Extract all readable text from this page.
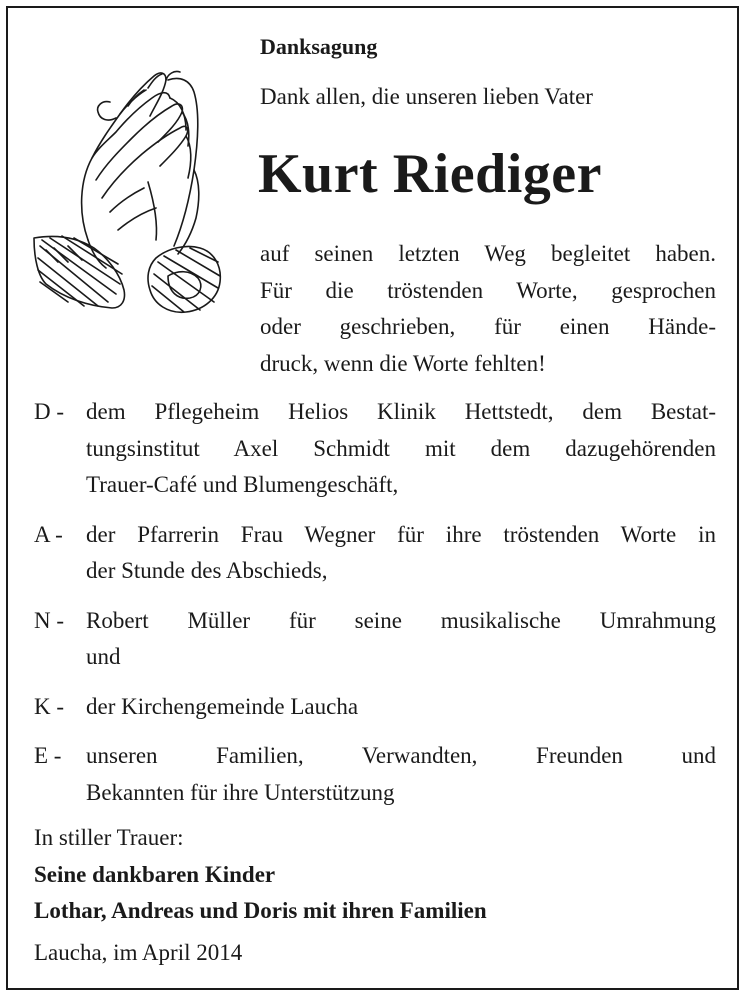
Danksagung
Dank allen, die unseren lieben Vater
Kurt Riediger
auf seinen letzten Weg begleitet haben.
Für die tröstenden Worte, gesprochen
oder geschrieben, für einen Hände-
druck, wenn die Worte fehlten!
D - dem Pflegeheim Helios Klinik Hettstedt, dem Bestat-
tungsinstitut Axel Schmidt mit dem dazugehörenden
Trauer-Café und Blumengeschäft,
A -	der Pfarrerin Frau Wegner für ihre tröstenden Worte in
der Stunde des Abschieds,
N - Robert Müller für seine musikalische Umrahmung
und
K - der Kirchengemeinde Laucha
E -	unseren Familien, Verwandten, Freunden und
Bekannten für ihre Unterstützung
In stiller Trauer:
Seine dankbaren Kinder
Lothar, Andreas und Doris mit ihren Familien
Laucha, im April 2014
